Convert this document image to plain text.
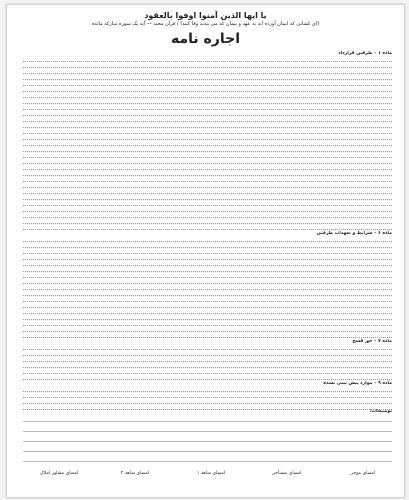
یا ایها الذین آمنوا اوفوا بالعقود
(ای کسانی که ایمان آورده اید به عهد و پیمان که می بندید وفا کنید) / قرآن مجید — آیه یک سوره مبارکه مائده
اجاره نامه
ماده ۱ – طرفین قرارداد
ماده ۶ – شرایط و تعهدات طرفین
ماده ۷ – حق فسخ
ماده ۹ – موارد پیش بینی نشده
توضیحات:
امضای موجر
امضای مستأجر
امضای شاهد ۱
امضای شاهد ۲
امضای مشاور املاک
